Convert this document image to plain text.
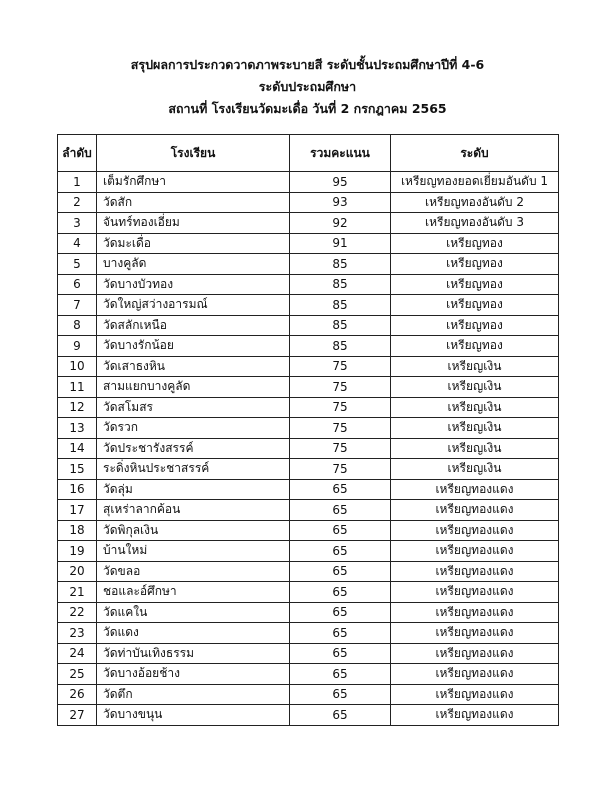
สรุปผลการประกวดวาดภาพระบายสี ระดับชั้นประถมศึกษาปีที่ 4-6
ระดับประถมศึกษา
สถานที่ โรงเรียนวัดมะเดื่อ วันที่ 2 กรกฎาคม 2565
ลำดับ	โรงเรียน	รวมคะแนน	ระดับ
1	เต็มรักศึกษา	95	เหรียญทองยอดเยี่ยมอันดับ 1
2	วัดสัก	93	เหรียญทองอันดับ 2
3	จันทร์ทองเอี่ยม	92	เหรียญทองอันดับ 3
4	วัดมะเดื่อ	91	เหรียญทอง
5	บางคูลัด	85	เหรียญทอง
6	วัดบางบัวทอง	85	เหรียญทอง
7	วัดใหญ่สว่างอารมณ์	85	เหรียญทอง
8	วัดสลักเหนือ	85	เหรียญทอง
9	วัดบางรักน้อย	85	เหรียญทอง
10	วัดเสาธงหิน	75	เหรียญเงิน
11	สามแยกบางคูลัด	75	เหรียญเงิน
12	วัดสโมสร	75	เหรียญเงิน
13	วัดรวก	75	เหรียญเงิน
14	วัดประชารังสรรค์	75	เหรียญเงิน
15	ระดิ่งหินประชาสรรค์	75	เหรียญเงิน
16	วัดลุ่ม	65	เหรียญทองแดง
17	สุเหร่าลากค้อน	65	เหรียญทองแดง
18	วัดพิกุลเงิน	65	เหรียญทองแดง
19	บ้านใหม่	65	เหรียญทองแดง
20	วัดขลอ	65	เหรียญทองแดง
21	ชอและอ์ศึกษา	65	เหรียญทองแดง
22	วัดแคใน	65	เหรียญทองแดง
23	วัดแดง	65	เหรียญทองแดง
24	วัดท่าบันเทิงธรรม	65	เหรียญทองแดง
25	วัดบางอ้อยช้าง	65	เหรียญทองแดง
26	วัดตึก	65	เหรียญทองแดง
27	วัดบางขนุน	65	เหรียญทองแดง
